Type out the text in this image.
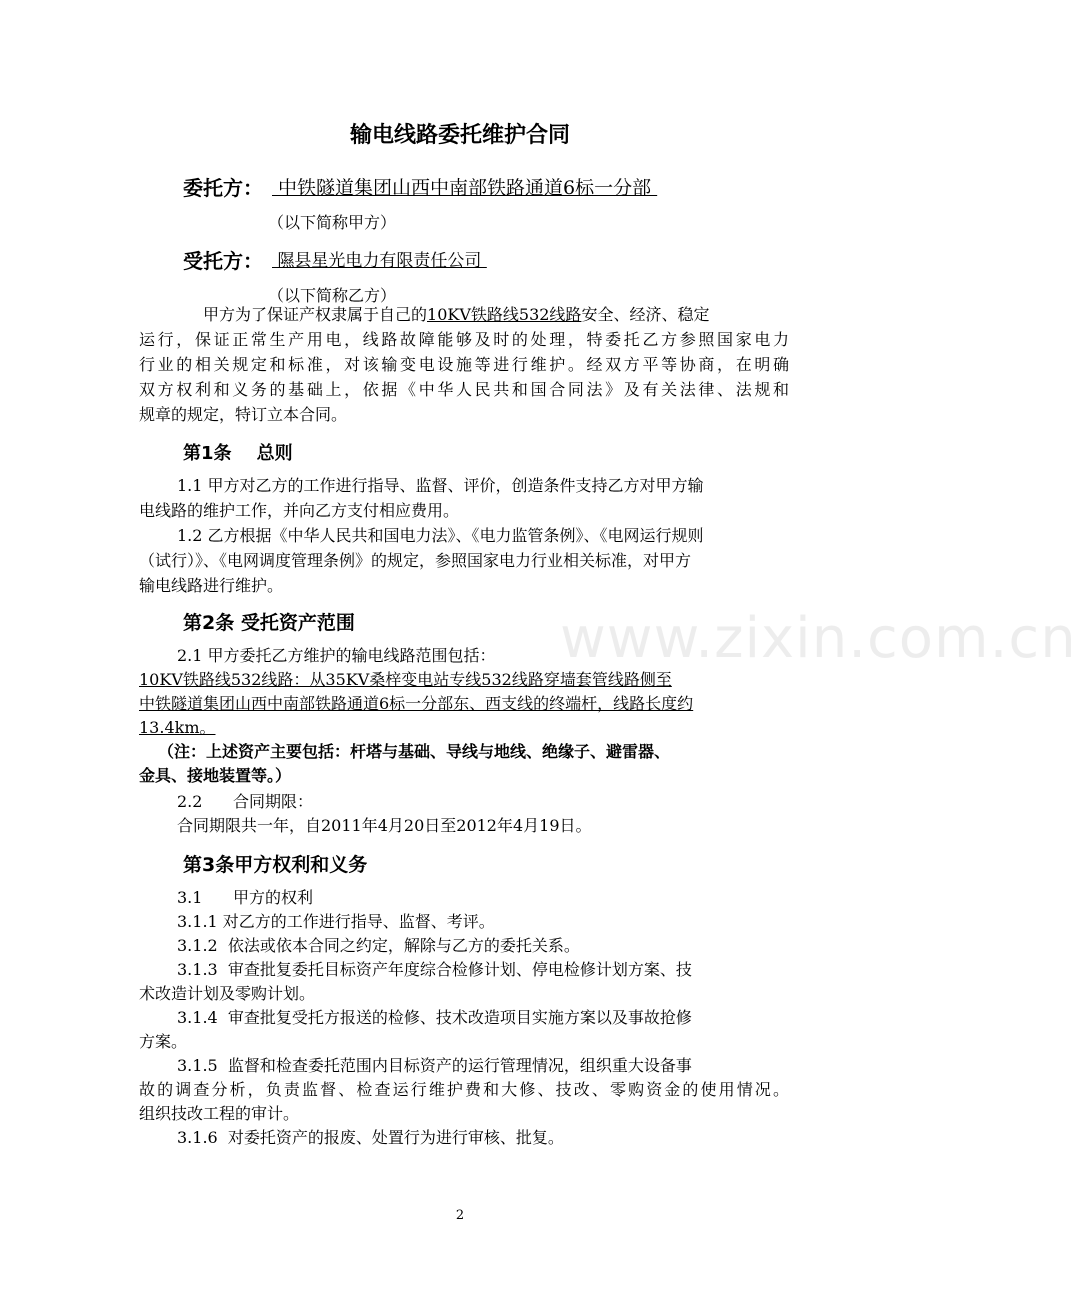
输电线路委托维护合同
委托方： 中铁隧道集团山西中南部铁路通道6标一分部
（以下简称甲方）
受托方： 隰县星光电力有限责任公司
（以下简称乙方）
甲方为了保证产权隶属于自己的10KV铁路线532线路安全、经济、稳定
运行，保证正常生产用电，线路故障能够及时的处理，特委托乙方参照国家电力
行业的相关规定和标准，对该输变电设施等进行维护。经双方平等协商，在明确
双方权利和义务的基础上，依据《中华人民共和国合同法》及有关法律、法规和
规章的规定，特订立本合同。
第1条    总则
1.1 甲方对乙方的工作进行指导、监督、评价，创造条件支持乙方对甲方输
电线路的维护工作，并向乙方支付相应费用。
1.2 乙方根据《中华人民共和国电力法》、《电力监管条例》、《电网运行规则
（试行）》、《电网调度管理条例》的规定，参照国家电力行业相关标准，对甲方
输电线路进行维护。
第2条 受托资产范围
2.1 甲方委托乙方维护的输电线路范围包括：
10KV铁路线532线路：从35KV桑梓变电站专线532线路穿墙套管线路侧至
中铁隧道集团山西中南部铁路通道6标一分部东、西支线的终端杆，线路长度约
13.4km。
（注：上述资产主要包括：杆塔与基础、导线与地线、绝缘子、避雷器、
金具、接地装置等。）
2.2      合同期限：
合同期限共一年，自2011年4月20日至2012年4月19日。
第3条甲方权利和义务
3.1      甲方的权利
3.1.1 对乙方的工作进行指导、监督、考评。
3.1.2  依法或依本合同之约定，解除与乙方的委托关系。
3.1.3  审查批复委托目标资产年度综合检修计划、停电检修计划方案、技
术改造计划及零购计划。
3.1.4  审查批复受托方报送的检修、技术改造项目实施方案以及事故抢修
方案。
3.1.5  监督和检查委托范围内目标资产的运行管理情况，组织重大设备事
故的调查分析，负责监督、检查运行维护费和大修、技改、零购资金的使用情况。
组织技改工程的审计。
3.1.6  对委托资产的报废、处置行为进行审核、批复。
www.zixin.com.cn
2
